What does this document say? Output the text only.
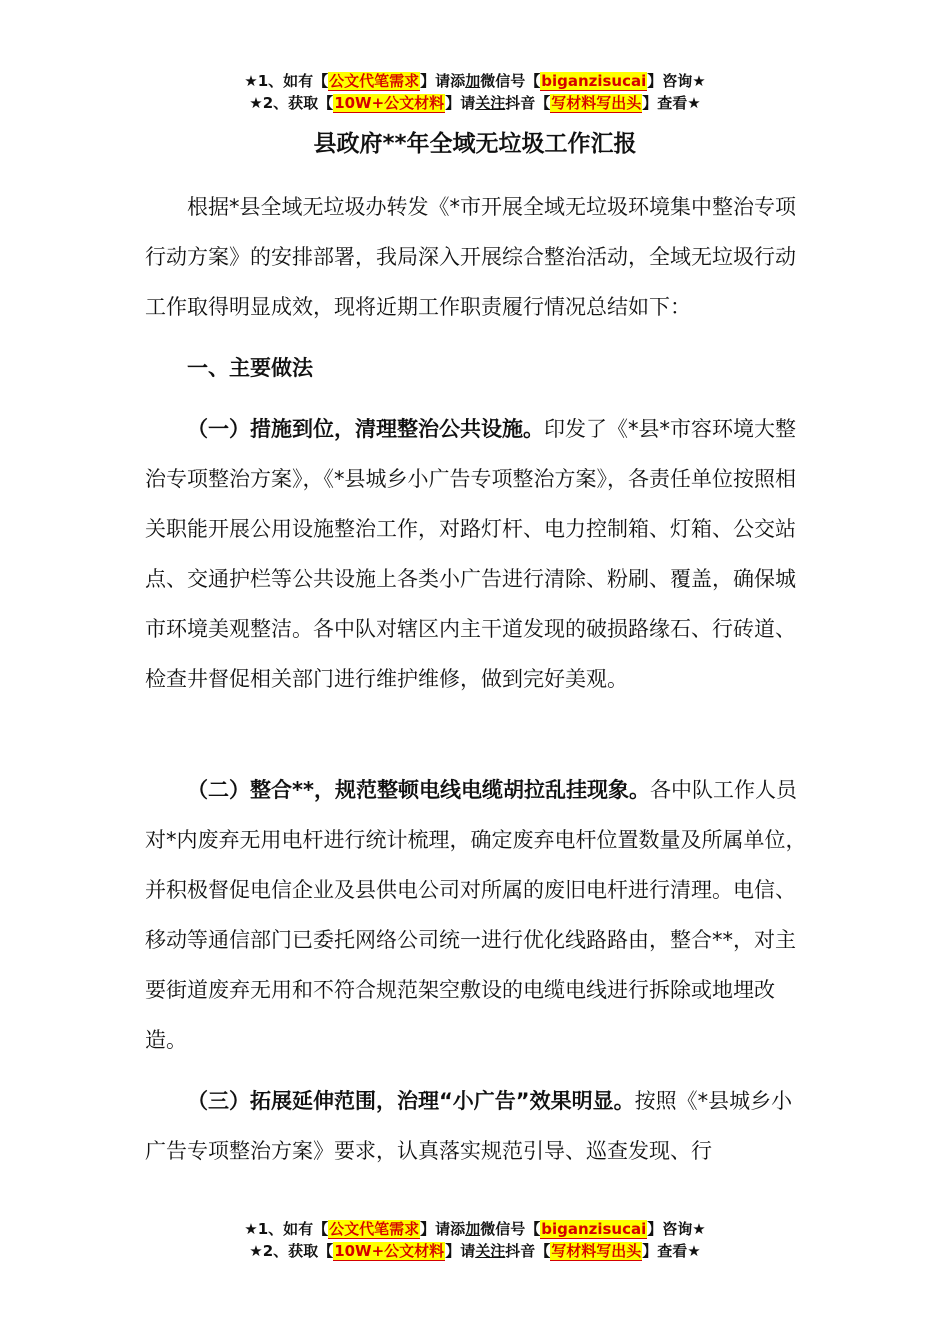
★1、如有【公文代笔需求】请添加微信号【biganzisucai】咨询★
★2、获取【10W+公文材料】请关注抖音【写材料写出头】查看★
县政府**年全域无垃圾工作汇报

根据*县全域无垃圾办转发《*市开展全域无垃圾环境集中整治专项行动方案》的安排部署，我局深入开展综合整治活动，全域无垃圾行动工作取得明显成效，现将近期工作职责履行情况总结如下：

一、主要做法

（一）措施到位，清理整治公共设施。印发了《*县*市容环境大整治专项整治方案》，《*县城乡小广告专项整治方案》，各责任单位按照相关职能开展公用设施整治工作，对路灯杆、电力控制箱、灯箱、公交站点、交通护栏等公共设施上各类小广告进行清除、粉刷、覆盖，确保城市环境美观整洁。各中队对辖区内主干道发现的破损路缘石、行砖道、检查井督促相关部门进行维护维修，做到完好美观。

（二）整合**，规范整顿电线电缆胡拉乱挂现象。各中队工作人员对*内废弃无用电杆进行统计梳理，确定废弃电杆位置数量及所属单位，并积极督促电信企业及县供电公司对所属的废旧电杆进行清理。电信、移动等通信部门已委托网络公司统一进行优化线路路由，整合**，对主要街道废弃无用和不符合规范架空敷设的电缆电线进行拆除或地埋改造。

（三）拓展延伸范围，治理“小广告”效果明显。按照《*县城乡小广告专项整治方案》要求，认真落实规范引导、巡查发现、行

★1、如有【公文代笔需求】请添加微信号【biganzisucai】咨询★
★2、获取【10W+公文材料】请关注抖音【写材料写出头】查看★
